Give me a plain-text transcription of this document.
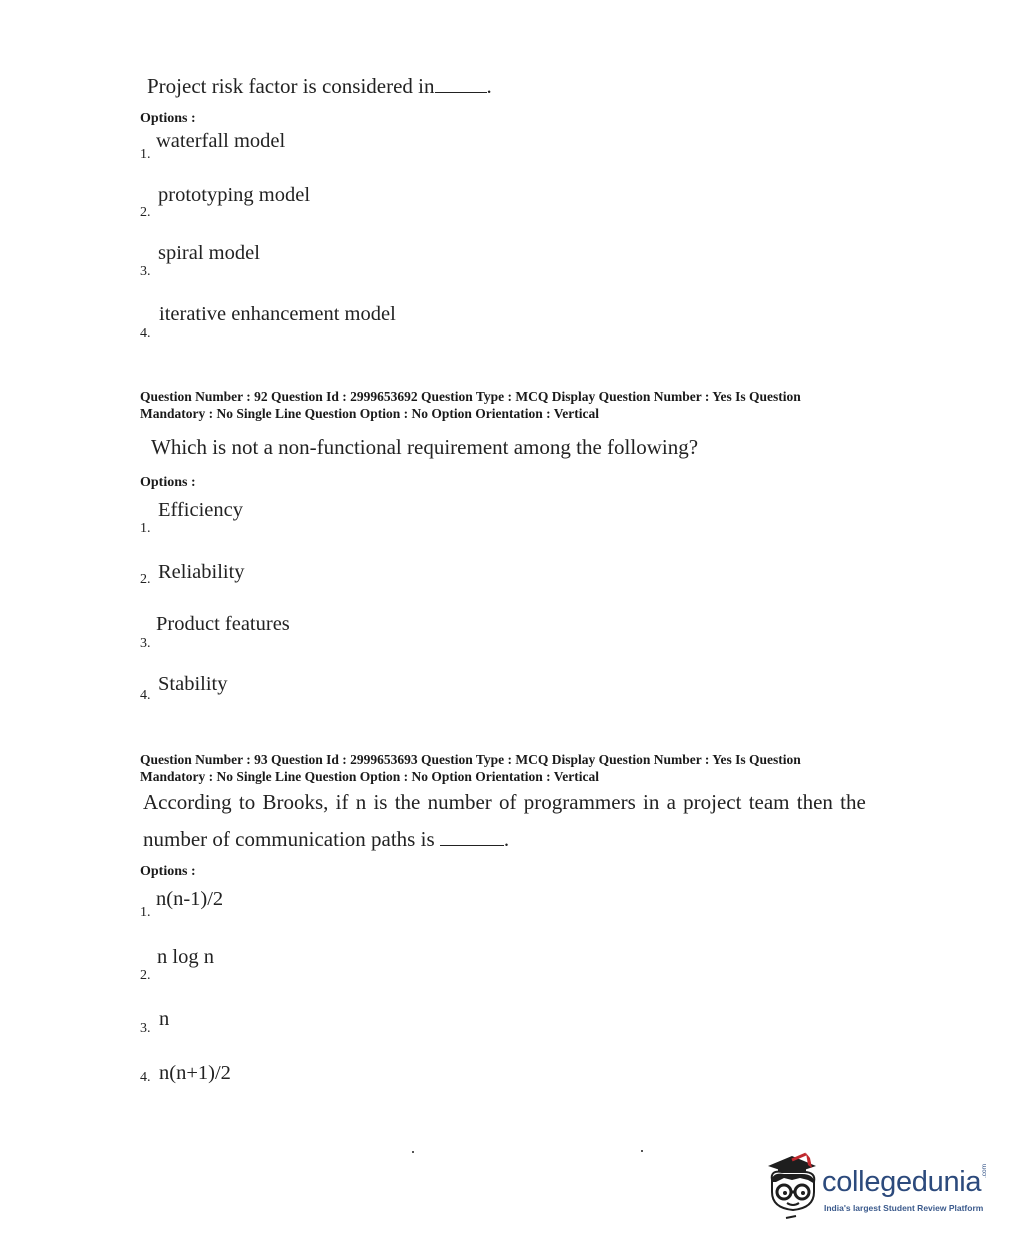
Project risk factor is considered in .
Options :
waterfall model
1.
prototyping model
2.
spiral model
3.
iterative enhancement model
4.
Question Number : 92 Question Id : 2999653692 Question Type : MCQ Display Question Number : Yes Is Question
Mandatory : No Single Line Question Option : No Option Orientation : Vertical
Which is not a non-functional requirement among the following?
Options :
Efficiency
1.
Reliability
2.
Product features
3.
Stability
4.
Question Number : 93 Question Id : 2999653693 Question Type : MCQ Display Question Number : Yes Is Question
Mandatory : No Single Line Question Option : No Option Orientation : Vertical
According to Brooks, if n is the number of programmers in a project team then the
number of communication paths is	.
Options :
n(n-1)/2
1.
n log n
2.
n
3.
n(n+1)/2
4.
collegedunia .com
India's largest Student Review Platform
